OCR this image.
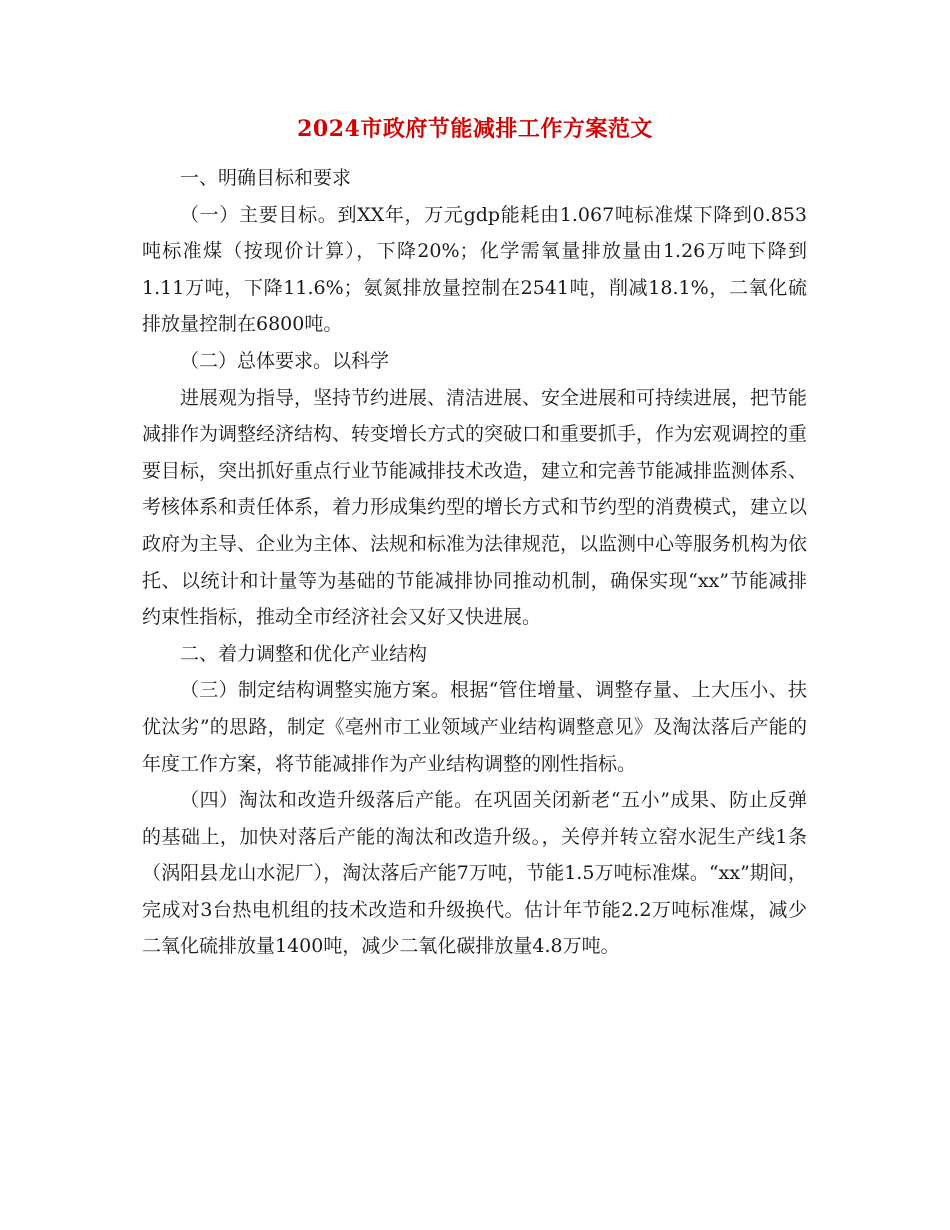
2024市政府节能减排工作方案范文

一、明确目标和要求

（一）主要目标。到XX年，万元gdp能耗由1.067吨标准煤下降到0.853吨标准煤（按现价计算），下降20%；化学需氧量排放量由1.26万吨下降到1.11万吨，下降11.6%；氨氮排放量控制在2541吨，削减18.1%，二氧化硫排放量控制在6800吨。

（二）总体要求。以科学

进展观为指导，坚持节约进展、清洁进展、安全进展和可持续进展，把节能减排作为调整经济结构、转变增长方式的突破口和重要抓手，作为宏观调控的重要目标，突出抓好重点行业节能减排技术改造，建立和完善节能减排监测体系、考核体系和责任体系，着力形成集约型的增长方式和节约型的消费模式，建立以政府为主导、企业为主体、法规和标准为法律规范，以监测中心等服务机构为依托、以统计和计量等为基础的节能减排协同推动机制，确保实现“xx”节能减排约束性指标，推动全市经济社会又好又快进展。

二、着力调整和优化产业结构

（三）制定结构调整实施方案。根据“管住增量、调整存量、上大压小、扶优汰劣”的思路，制定《亳州市工业领域产业结构调整意见》及淘汰落后产能的年度工作方案，将节能减排作为产业结构调整的刚性指标。

（四）淘汰和改造升级落后产能。在巩固关闭新老“五小”成果、防止反弹的基础上，加快对落后产能的淘汰和改造升级。，关停并转立窑水泥生产线1条（涡阳县龙山水泥厂），淘汰落后产能7万吨，节能1.5万吨标准煤。“xx”期间，完成对3台热电机组的技术改造和升级换代。估计年节能2.2万吨标准煤，减少二氧化硫排放量1400吨，减少二氧化碳排放量4.8万吨。
